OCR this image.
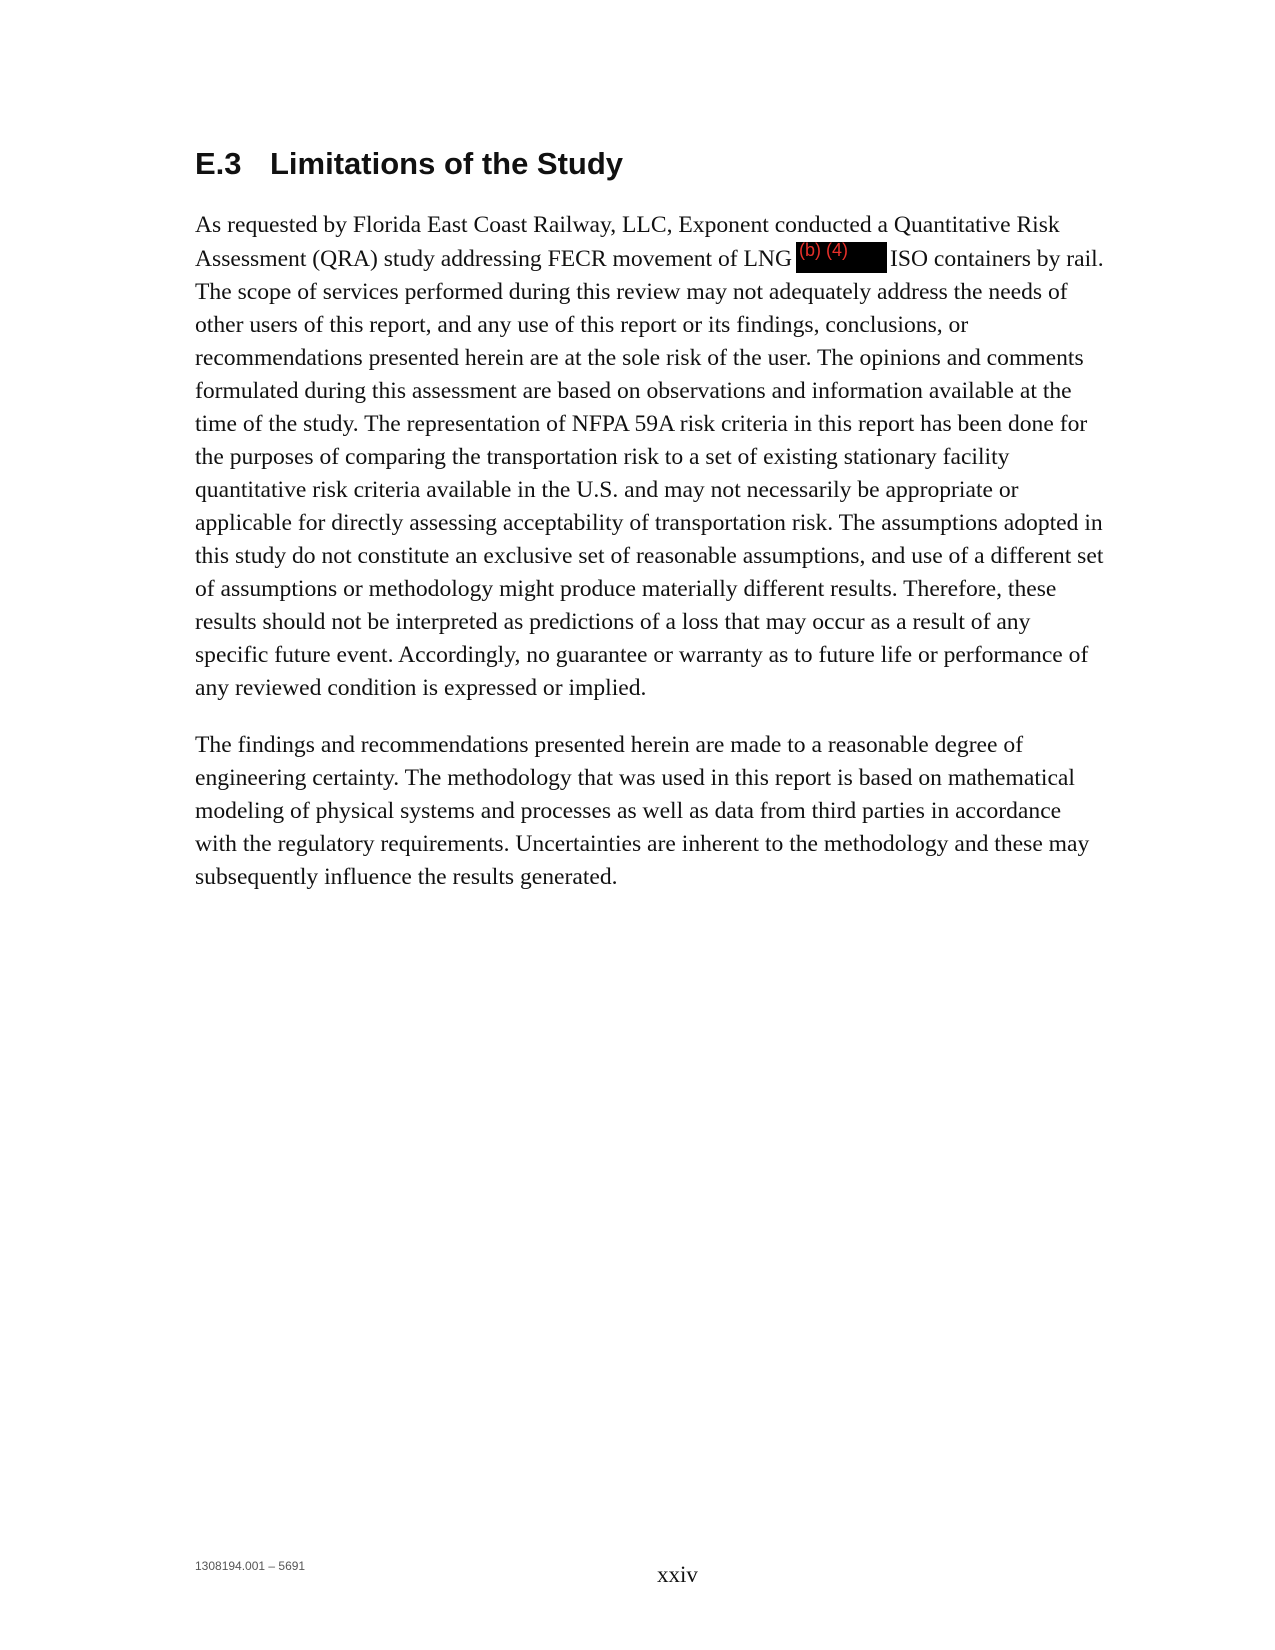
E.3 Limitations of the Study
As requested by Florida East Coast Railway, LLC, Exponent conducted a Quantitative Risk
Assessment (QRA) study addressing FECR movement of LNG (b) (4) ISO containers by rail.
The scope of services performed during this review may not adequately address the needs of
other users of this report, and any use of this report or its findings, conclusions, or
recommendations presented herein are at the sole risk of the user. The opinions and comments
formulated during this assessment are based on observations and information available at the
time of the study. The representation of NFPA 59A risk criteria in this report has been done for
the purposes of comparing the transportation risk to a set of existing stationary facility
quantitative risk criteria available in the U.S. and may not necessarily be appropriate or
applicable for directly assessing acceptability of transportation risk. The assumptions adopted in
this study do not constitute an exclusive set of reasonable assumptions, and use of a different set
of assumptions or methodology might produce materially different results. Therefore, these
results should not be interpreted as predictions of a loss that may occur as a result of any
specific future event. Accordingly, no guarantee or warranty as to future life or performance of
any reviewed condition is expressed or implied.
The findings and recommendations presented herein are made to a reasonable degree of
engineering certainty. The methodology that was used in this report is based on mathematical
modeling of physical systems and processes as well as data from third parties in accordance
with the regulatory requirements. Uncertainties are inherent to the methodology and these may
subsequently influence the results generated.
1308194.001 – 5691	xxiv
